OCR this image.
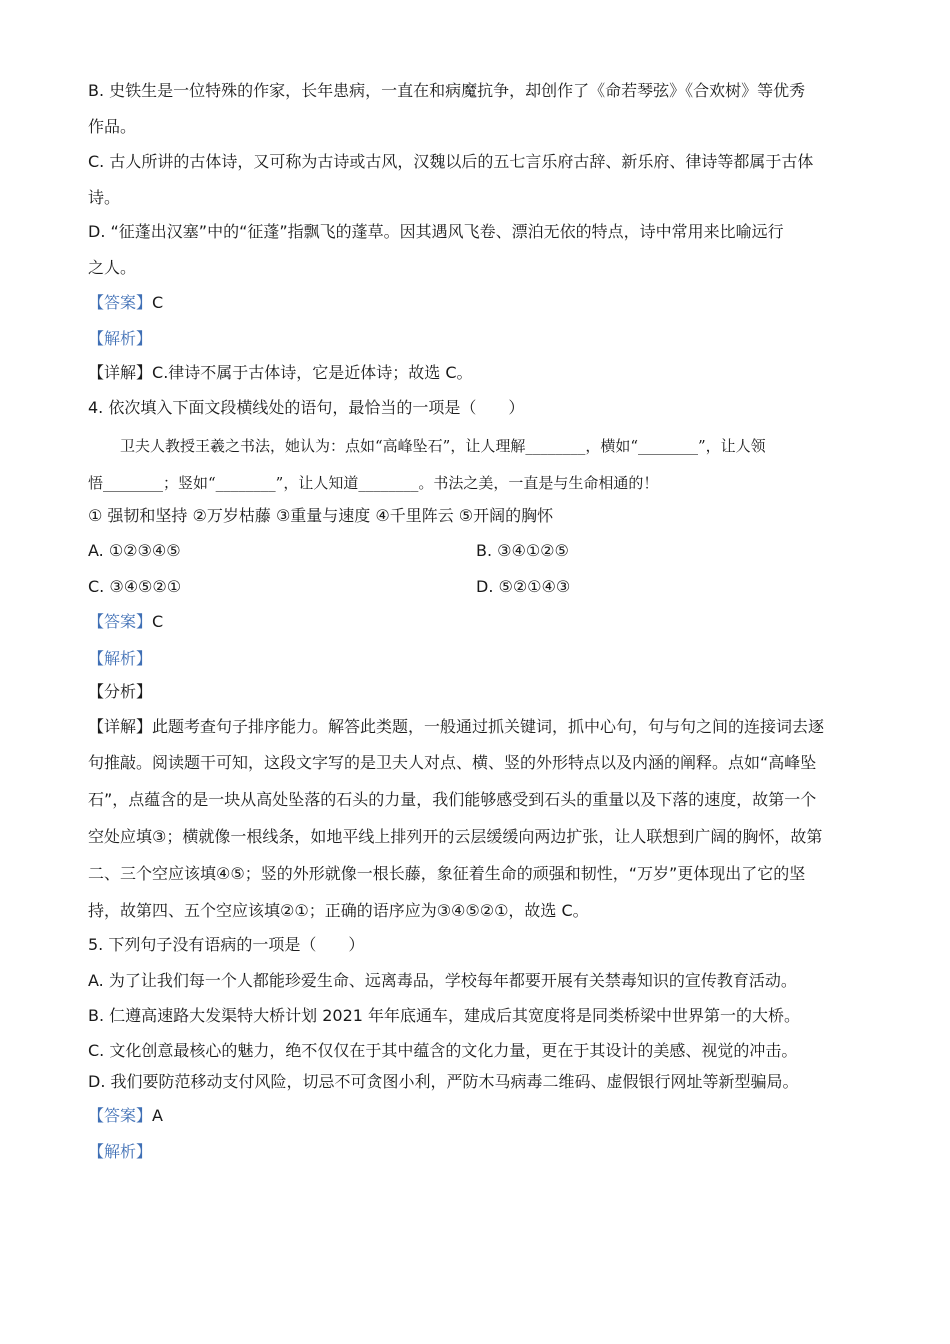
B. 史铁生是一位特殊的作家，长年患病，一直在和病魔抗争，却创作了《命若琴弦》《合欢树》等优秀
作品。
C. 古人所讲的古体诗，又可称为古诗或古风，汉魏以后的五七言乐府古辞、新乐府、律诗等都属于古体
诗。
D. “征蓬出汉塞”中的“征蓬”指飘飞的蓬草。因其遇风飞卷、漂泊无依的特点，诗中常用来比喻远行
之人。
【答案】C
【解析】
【详解】C.律诗不属于古体诗，它是近体诗；故选 C。
4. 依次填入下面文段横线处的语句，最恰当的一项是（　　）
卫夫人教授王羲之书法，她认为：点如“高峰坠石”，让人理解________，横如“________”，让人领
悟________；竖如“________”，让人知道________。书法之美，一直是与生命相通的！
① 强韧和坚持 ②万岁枯藤 ③重量与速度 ④千里阵云 ⑤开阔的胸怀
A. ①②③④⑤	B. ③④①②⑤
C. ③④⑤②①	D. ⑤②①④③
【答案】C
【解析】
【分析】
【详解】此题考查句子排序能力。解答此类题，一般通过抓关键词，抓中心句，句与句之间的连接词去逐
句推敲。阅读题干可知，这段文字写的是卫夫人对点、横、竖的外形特点以及内涵的阐释。点如“高峰坠
石”，点蕴含的是一块从高处坠落的石头的力量，我们能够感受到石头的重量以及下落的速度，故第一个
空处应填③；横就像一根线条，如地平线上排列开的云层缓缓向两边扩张，让人联想到广阔的胸怀，故第
二、三个空应该填④⑤；竖的外形就像一根长藤，象征着生命的顽强和韧性，“万岁”更体现出了它的坚
持，故第四、五个空应该填②①；正确的语序应为③④⑤②①，故选 C。
5. 下列句子没有语病的一项是（　　）
A. 为了让我们每一个人都能珍爱生命、远离毒品，学校每年都要开展有关禁毒知识的宣传教育活动。
B. 仁遵高速路大发渠特大桥计划 2021 年年底通车，建成后其宽度将是同类桥梁中世界第一的大桥。
C. 文化创意最核心的魅力，绝不仅仅在于其中蕴含的文化力量，更在于其设计的美感、视觉的冲击。
D. 我们要防范移动支付风险，切忌不可贪图小利，严防木马病毒二维码、虚假银行网址等新型骗局。
【答案】A
【解析】
